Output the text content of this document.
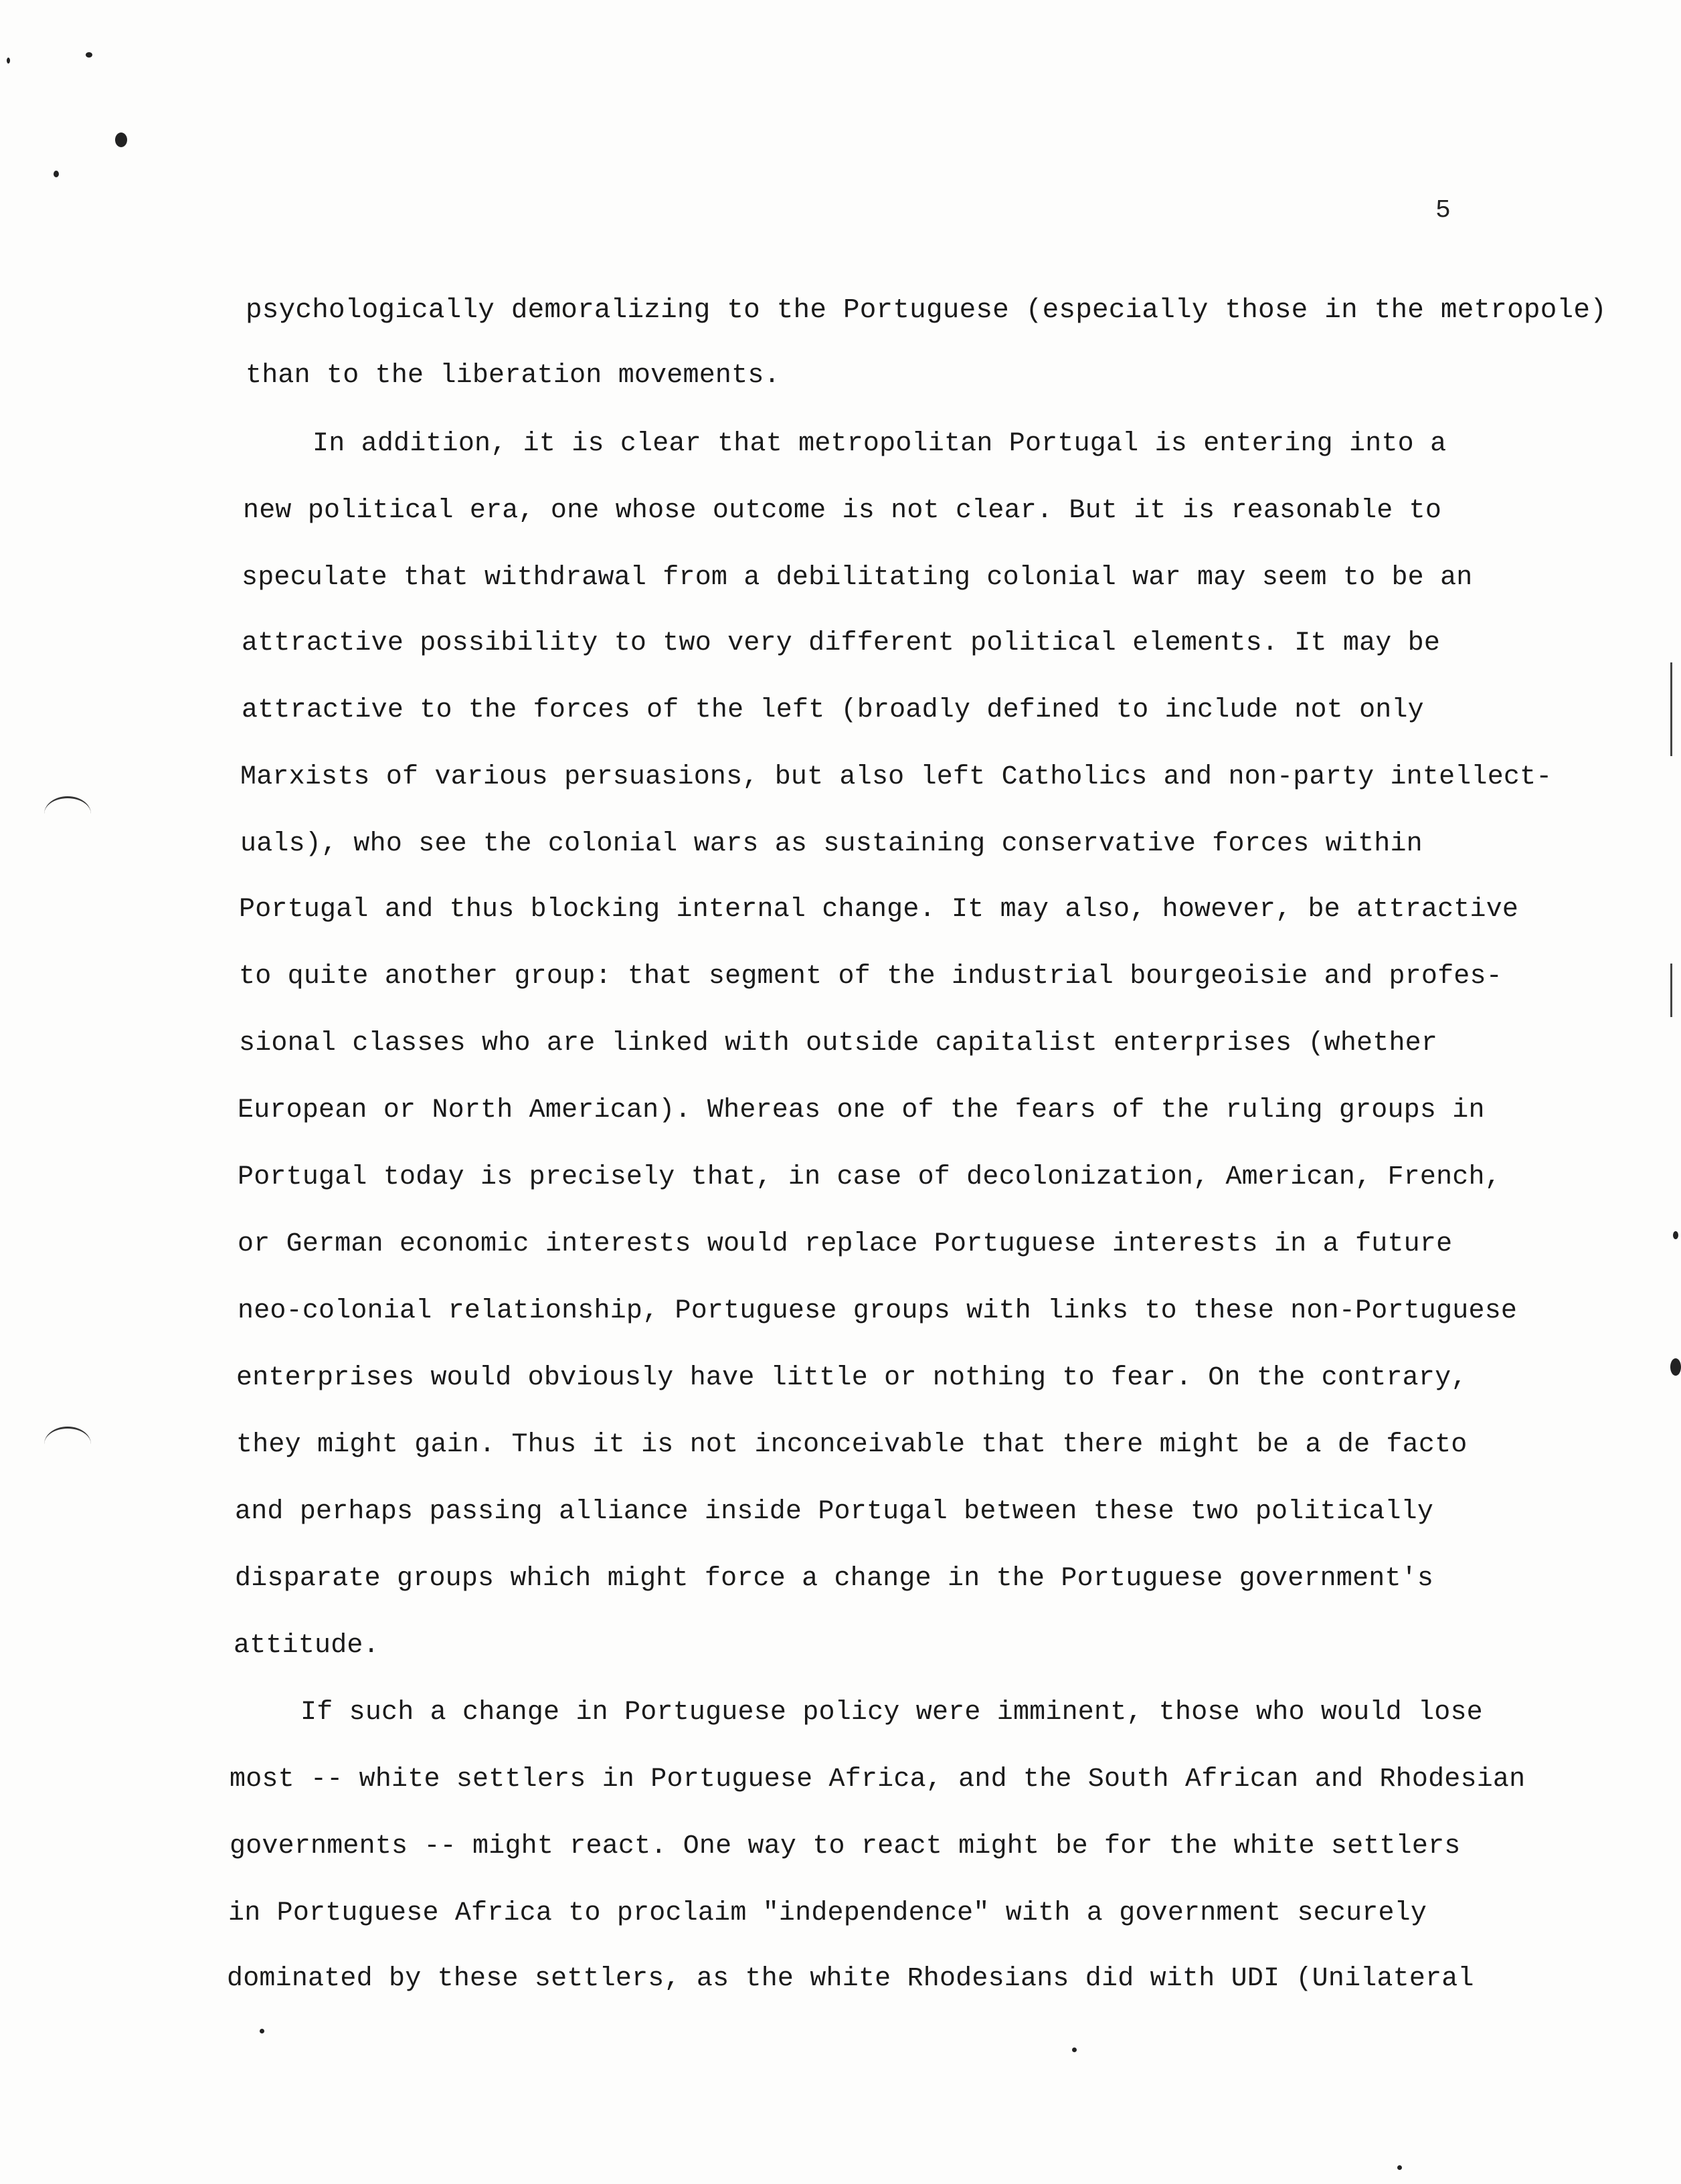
5

psychologically demoralizing to the Portuguese (especially those in the metropole)

than to the liberation movements.

In addition, it is clear that metropolitan Portugal is entering into a

new political era, one whose outcome is not clear. But it is reasonable to

speculate that withdrawal from a debilitating colonial war may seem to be an

attractive possibility to two very different political elements. It may be

attractive to the forces of the left (broadly defined to include not only

Marxists of various persuasions, but also left Catholics and non-party intellect-

uals), who see the colonial wars as sustaining conservative forces within

Portugal and thus blocking internal change. It may also, however, be attractive

to quite another group: that segment of the industrial bourgeoisie and profes-

sional classes who are linked with outside capitalist enterprises (whether

European or North American). Whereas one of the fears of the ruling groups in

Portugal today is precisely that, in case of decolonization, American, French,

or German economic interests would replace Portuguese interests in a future

neo-colonial relationship, Portuguese groups with links to these non-Portuguese

enterprises would obviously have little or nothing to fear. On the contrary,

they might gain. Thus it is not inconceivable that there might be a de facto

and perhaps passing alliance inside Portugal between these two politically

disparate groups which might force a change in the Portuguese government's

attitude.

If such a change in Portuguese policy were imminent, those who would lose

most -- white settlers in Portuguese Africa, and the South African and Rhodesian

governments -- might react. One way to react might be for the white settlers

in Portuguese Africa to proclaim "independence" with a government securely

dominated by these settlers, as the white Rhodesians did with UDI (Unilateral
